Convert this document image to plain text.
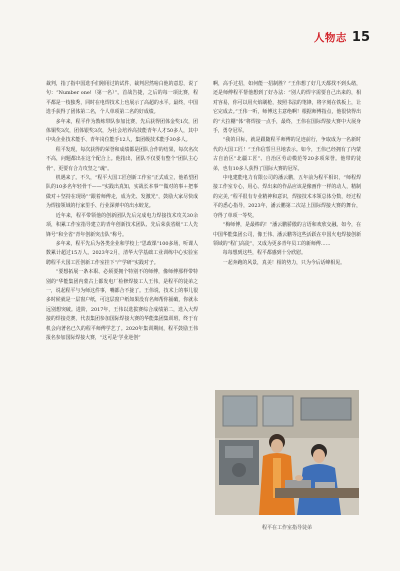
人物志 15

裁判，指了指中国选手们刚用过的试件，裁判居然啥白他的意思，说了句：“Number one!（第一名）”。首战告捷，之后的每一项比赛，程平都是一枝独秀，同时在电焊技术上也展示了高超的水平。最终，中国选手获得了团体第二名，个人单项第二名的好成绩。

多年来，程平作为教练带队参加比赛，先后获得团体金奖1次，团体铜奖3次，团体银奖3次，为社会培养高技能青年人才50多人，其中中央企业技术能手、青年岗位能手12人，集团级技术能手30多人。

程平发现，每次获得的荣誉和成绩都是团队合作的结果，每次名次不高，问题都出在这个配合上。他指出，团队不仅要有整个“团队主心骨”，更要有合力攻坚之“魂”。

机遇来了。不久，“程平大国工匠创新工作室”正式成立，他希望团队的10多名年轻骨干——“实践出真知，实战长本事”“做对的事＋把事做对＋坚持在现场”“跟着师傅走，成为先、发激光”，鼓励大家尽快成为焊接领域的行家里手、行业深弹中的出水蛟龙。

近年来，程平带领他的创新团队先后完成电力焊接技术攻关30余项，积累工作室指导建立的青年创新技术团队、先后荣获省级“工人先锋号”和全省“青年创新突击队”称号。

多年来，程平先后为各类企业和学校上“思政课”100多场，听课人数累计超过15万人。2023年2月，清华大学基础工业训练中心实验室聘程平大国工匠创新工作室挂下“产学研”实践对子。

“要想拓展一条本职、必须要拥个特别不的师傅，像师傅那样带特别的“华能集团内蒙古上都发电厂检修焊接工人王伟，是程平的徒弟之一，说起程平与为师这件事，嘴都合不拢了。王伟说，技术上的事儿很多时候就是一层窗户纸，可这层窗户纸如果没有名师帮你捅破，你就永远别想突破。进阶，2017年，王伟以选拔赛综合成绩第二，选入大焊接的焊接竞赛，代表集团参加国际焊接大赛的华能集团集训班，终于有机会向著名已久的程平师傅学艺了。2020年集训期间，程平鼓励王伟报名参加国际焊接大赛，“这可是‘学业逆创”

啊，高手过招，如何能一招制胜？”王伟想了好几天都找不到头绪，还是师傅程平帮他想到了好办法：“别人的焊字需要自己出来的，相对容易，你可以用火焰刷枪，按照书法的笔锋，将字刻在铁板上，让它完成去。”王伟一听，师傅这主意绝啊！根据师傅指点，他很快得出的“大拉棚”体“将焊接一点手，最终，王伟在国际焊接大赛中大展身手，勇夺冠军。

“我的目标，就是跟随程平师傅的足迹前行，争取成为一名新时代的大国工匠！”王伟信誓旦旦地表示。如今，王伟已经拥有了内蒙古自治区“北疆工匠”、自治区劳动模范等20多项荣誉。他带的徒弟，也有10多人获得了国际大赛的冠军。

中电建能电力有限公司的潘云鹏，五年前为程平相识，“师程焊接工作室专心，用心、焊出来的作品应该是像画作一样的动人，精制的完美，”程平很有专业精神和意识，焊接技术本领总体分数，经过程平的悉心指导，2023年，潘云鹏第二次站上国际焊接大赛的舞台，夺得了单项一等奖。

“梅师傅，是最棒的！”潘云鹏骄傲的言语和欢欣交融。如今，在中国华能集团公司，像王伟、潘云鹏等这些活跃在中国火电焊接创新领域的“程门高徒”，又成为更多青年员工的新师傅……

每每想到这些，程平都感到十分欣慰。

一起奔跑的风景，真美！相的势力，只为今后话峰相见。

程平在工作室指导徒弟
